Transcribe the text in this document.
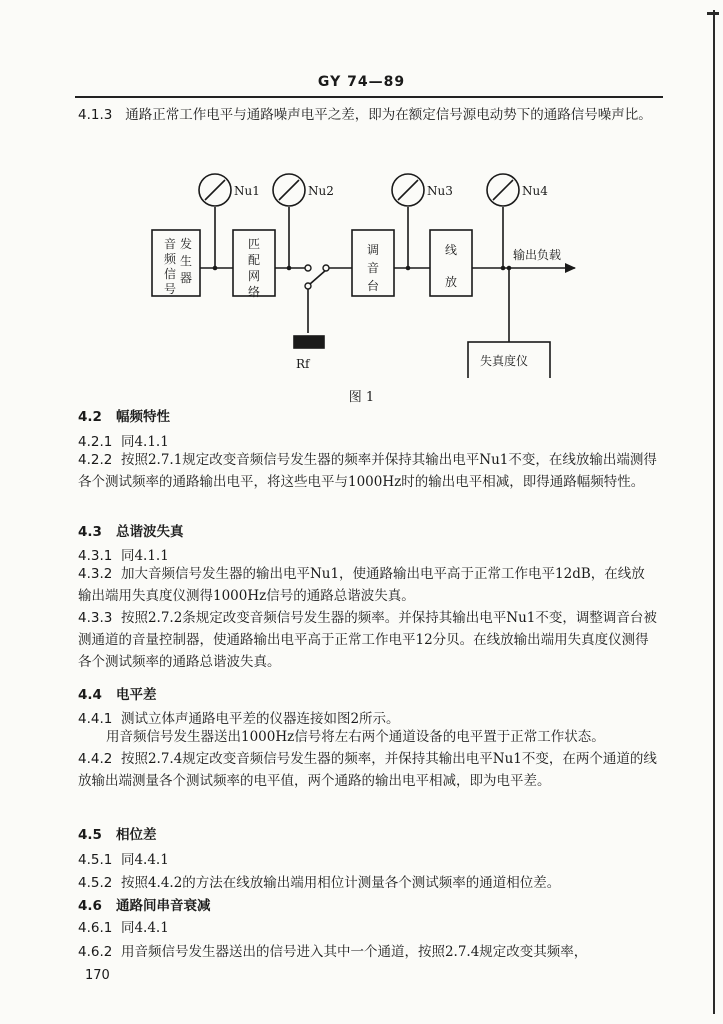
GY 74—89
4.1.3 通路正常工作电平与通路噪声电平之差，即为在额定信号源电动势下的通路信号噪声比。
Nu1	Nu2	Nu3	Nu4
输出负载
失真度仪
Rf
音
频
信
号
发
生
器
匹
配
网
络
调
音
台
线
放
图 1
4.2 幅频特性
4.2.1 同4.1.1
4.2.2 按照2.7.1规定改变音频信号发生器的频率并保持其输出电平Nu1不变，在线放输出端测得各个测试频率的通路输出电平，将这些电平与1000Hz时的输出电平相减，即得通路幅频特性。
4.3 总谐波失真
4.3.1 同4.1.1
4.3.2 加大音频信号发生器的输出电平Nu1，使通路输出电平高于正常工作电平12dB，在线放输出端用失真度仪测得1000Hz信号的通路总谐波失真。
4.3.3 按照2.7.2条规定改变音频信号发生器的频率。并保持其输出电平Nu1不变，调整调音台被测通道的音量控制器，使通路输出电平高于正常工作电平12分贝。在线放输出端用失真度仪测得各个测试频率的通路总谐波失真。
4.4 电平差
4.4.1 测试立体声通路电平差的仪器连接如图2所示。
用音频信号发生器送出1000Hz信号将左右两个通道设备的电平置于正常工作状态。
4.4.2 按照2.7.4规定改变音频信号发生器的频率，并保持其输出电平Nu1不变，在两个通道的线放输出端测量各个测试频率的电平值，两个通路的输出电平相减，即为电平差。
4.5 相位差
4.5.1 同4.4.1
4.5.2 按照4.4.2的方法在线放输出端用相位计测量各个测试频率的通道相位差。
4.6 通路间串音衰减
4.6.1 同4.4.1
4.6.2 用音频信号发生器送出的信号进入其中一个通道，按照2.7.4规定改变其频率，
170
